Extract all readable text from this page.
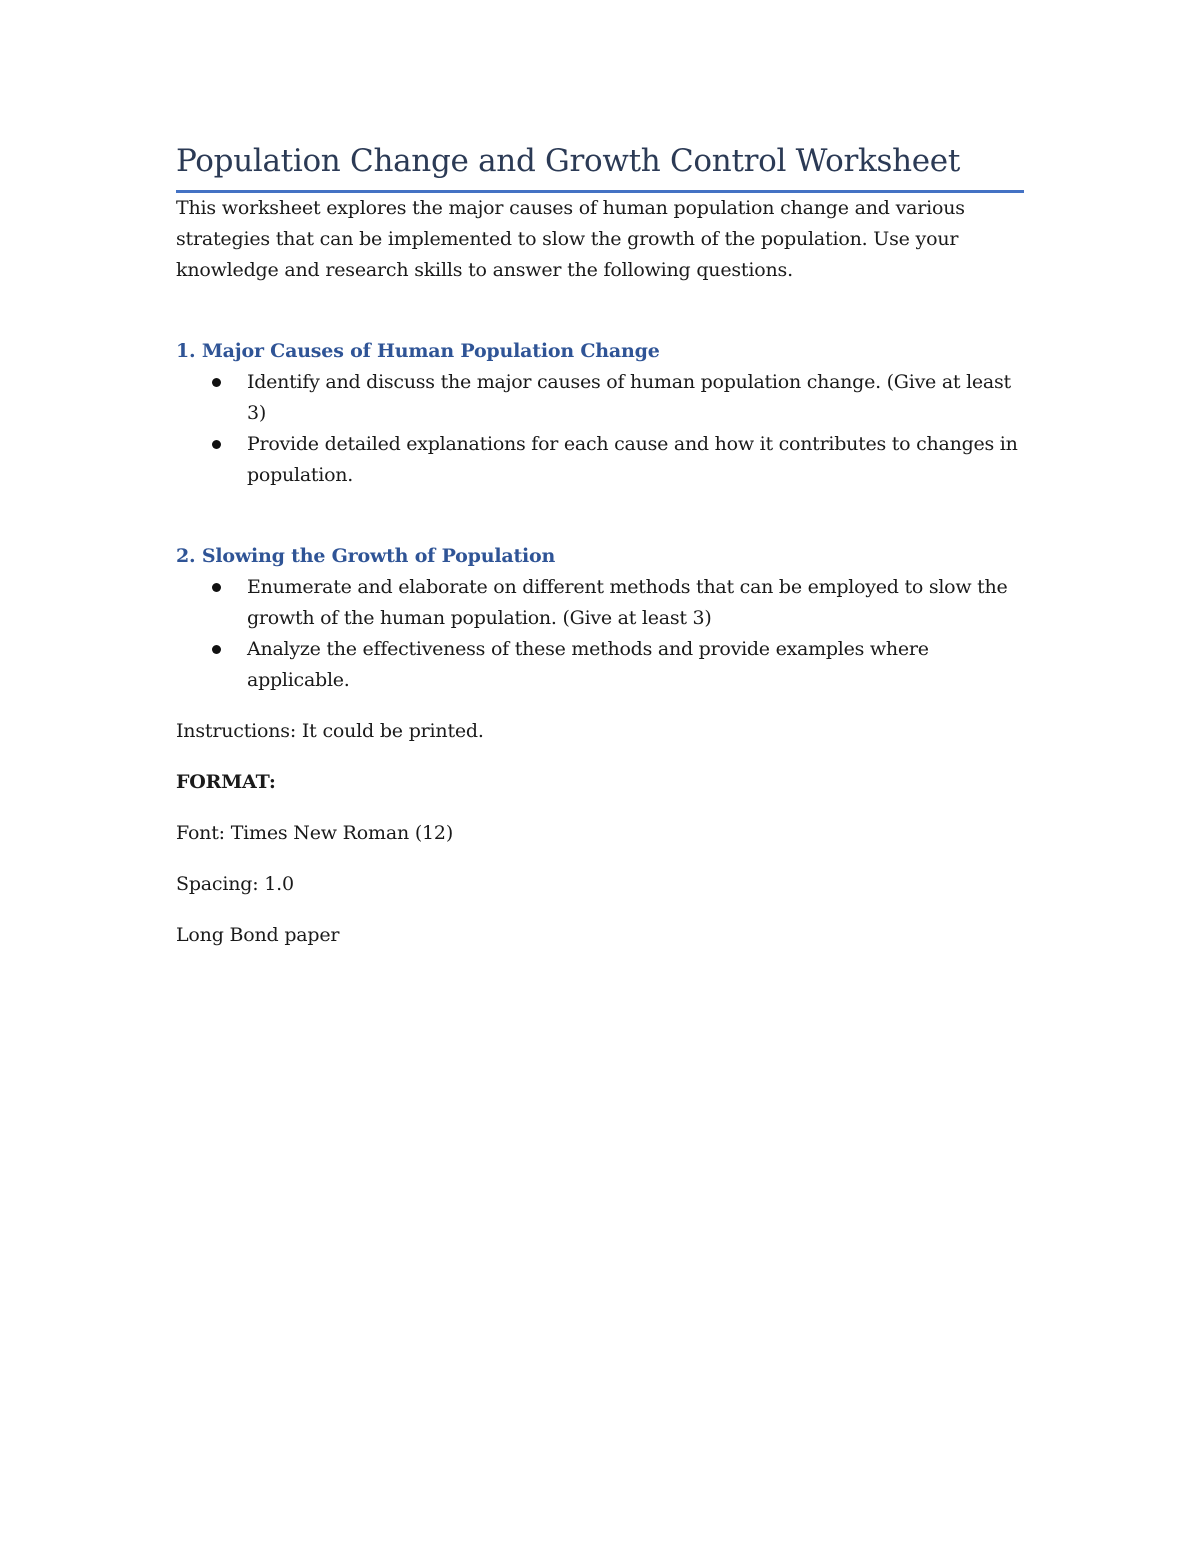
Population Change and Growth Control Worksheet

This worksheet explores the major causes of human population change and various strategies that can be implemented to slow the growth of the population. Use your knowledge and research skills to answer the following questions.

1. Major Causes of Human Population Change
Identify and discuss the major causes of human population change. (Give at least 3)
Provide detailed explanations for each cause and how it contributes to changes in population.
2. Slowing the Growth of Population
Enumerate and elaborate on different methods that can be employed to slow the growth of the human population. (Give at least 3)
Analyze the effectiveness of these methods and provide examples where applicable.

Instructions: It could be printed.

FORMAT:

Font: Times New Roman (12)

Spacing: 1.0

Long Bond paper
